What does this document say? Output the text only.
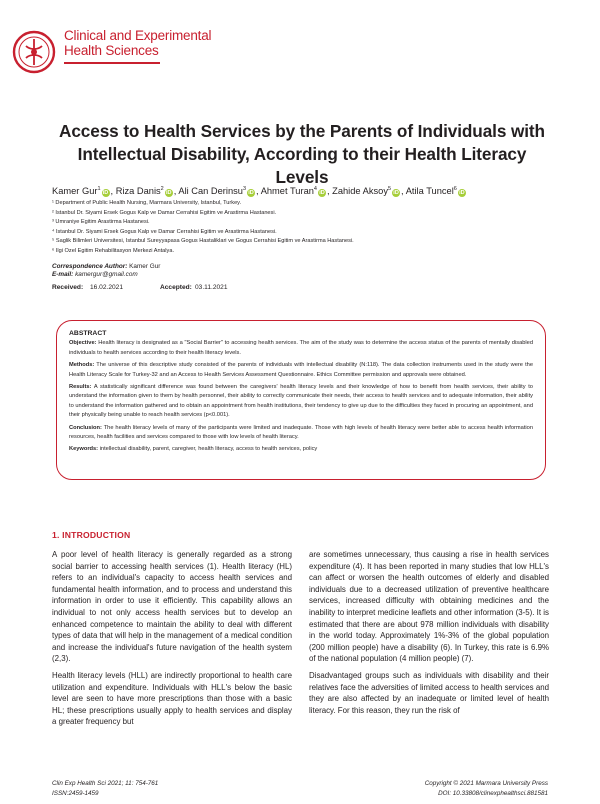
Clinical and Experimental
Health Sciences
Access to Health Services by the Parents of Individuals with Intellectual Disability, According to their Health Literacy Levels
Kamer Gur$^1$iD , Riza Danis$^2$iD , Ali Can Derinsu$^3$iD , Ahmet Turan$^4$iD , Zahide Aksoy$^5$iD , Atila Tuncel$^6$iD
¹ Department of Public Health Nursing, Marmara University, Istanbul, Turkey.
² Istanbul Dr. Siyami Ersek Gogus Kalp ve Damar Cerrahisi Egitim ve Arastirma Hastanesi.
³ Umraniye Egitim Arastirma Hastanesi.
⁴ Istanbul Dr. Siyami Ersek Gogus Kalp ve Damar Cerrahisi Egitim ve Arastirma Hastanesi.
⁵ Saglik Bilimleri Universitesi, Istanbul Sureyyapasa Gogus Hastaliklari ve Gogus Cerrahisi Egitim ve Arastirma Hastanesi.
⁶ Ilgi Ozel Egitim Rehabilitasyon Merkezi Antalya.
Correspondence Author: Kamer Gur
E-mail: kamergur@gmail.com
Received: 16.02.2021	Accepted: 03.11.2021
ABSTRACT

Objective: Health literacy is designated as a "Social Barrier" to accessing health services. The aim of the study was to determine the access status of the parents of mentally disabled individuals to health services according to their health literacy levels.

Methods: The universe of this descriptive study consisted of the parents of individuals with intellectual disability (N:118). The data collection instruments used in the study were the Health Literacy Scale for Turkey-32 and an Access to Health Services Assessment Questionnaire. Ethics Committee permission and approvals were obtained.

Results: A statistically significant difference was found between the caregivers' health literacy levels and their knowledge of how to benefit from health services, their ability to understand the information given to them by health personnel, their ability to correctly communicate their needs, their access to health services and to adequate information, their ability to understand the information gathered and to obtain an appointment from health institutions, their tendency to give up due to the difficulties they faced in procuring an appointment, and their physically being unable to reach health services (p<0.001).

Conclusion: The health literacy levels of many of the participants were limited and inadequate. Those with high levels of health literacy were better able to access health information resources, health facilities and services compared to those with low levels of health literacy.

Keywords: intellectual disability, parent, caregiver, health literacy, access to health services, policy

1. INTRODUCTION

A poor level of health literacy is generally regarded as a strong social barrier to accessing health services (1). Health literacy (HL) refers to an individual's capacity to access health services and fundamental health information, and to process and understand this information in order to use it efficiently. This capability allows an individual to not only access health services but to develop an enhanced competence to maintain the ability to deal with different types of data that will help in the management of a medical condition and increase the individual's future navigation of the health system (2,3).

Health literacy levels (HLL) are indirectly proportional to health care utilization and expenditure. Individuals with HLL's below the basic level are seen to have more prescriptions than those with a basic HL; these prescriptions usually apply to health services and display a greater frequency but

are sometimes unnecessary, thus causing a rise in health services expenditure (4). It has been reported in many studies that low HLL's can affect or worsen the health outcomes of elderly and disabled individuals due to a decreased utilization of preventive healthcare services, increased difficulty with obtaining medicines and the inability to interpret medicine leaflets and other information (3-5). It is estimated that there are about 978 million individuals with disability in the world today. Approximately 1%-3% of the global population (200 million people) have a disability (6). In Turkey, this rate is 6.9% of the national population (4 million people) (7).

Disadvantaged groups such as individuals with disability and their relatives face the adversities of limited access to health services and they are also affected by an inadequate or limited level of health literacy. For this reason, they run the risk of

Clin Exp Health Sci 2021; 11: 754-761
ISSN:2459-1459
Copyright © 2021 Marmara University Press
DOI: 10.33808/clinexphealthsci.881581
